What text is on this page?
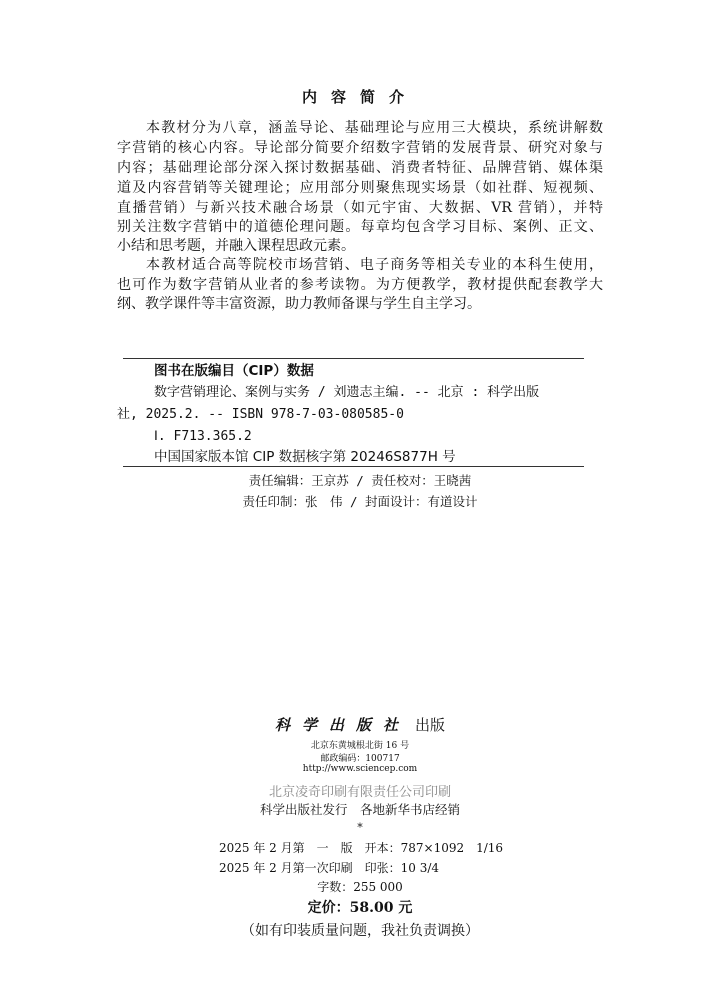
内容简介
本教材分为八章，涵盖导论、基础理论与应用三大模块，系统讲解数
字营销的核心内容。导论部分简要介绍数字营销的发展背景、研究对象与
内容；基础理论部分深入探讨数据基础、消费者特征、品牌营销、媒体渠
道及内容营销等关键理论；应用部分则聚焦现实场景（如社群、短视频、
直播营销）与新兴技术融合场景（如元宇宙、大数据、VR 营销），并特
别关注数字营销中的道德伦理问题。每章均包含学习目标、案例、正文、
小结和思考题，并融入课程思政元素。
本教材适合高等院校市场营销、电子商务等相关专业的本科生使用，
也可作为数字营销从业者的参考读物。为方便教学，教材提供配套教学大
纲、教学课件等丰富资源，助力教师备课与学生自主学习。
图书在版编目（CIP）数据
数字营销理论、案例与实务 / 刘遗志主编. -- 北京 : 科学出版
社, 2025.2. -- ISBN 978-7-03-080585-0
Ⅰ. F713.365.2
中国国家版本馆 CIP 数据核字第 20246S877H 号
责任编辑：王京苏 / 责任校对：王晓茜
责任印制：张　伟 / 封面设计：有道设计
科学出版社 出版
北京东黄城根北街 16 号
邮政编码：100717
http://www.sciencep.com
北京凌奇印刷有限责任公司印刷
科学出版社发行　各地新华书店经销
*
2025 年 2 月第　一　版　开本：787×1092　1/16
2025 年 2 月第一次印刷　印张：10 3/4
字数：255 000
定价：58.00 元
（如有印装质量问题，我社负责调换）
